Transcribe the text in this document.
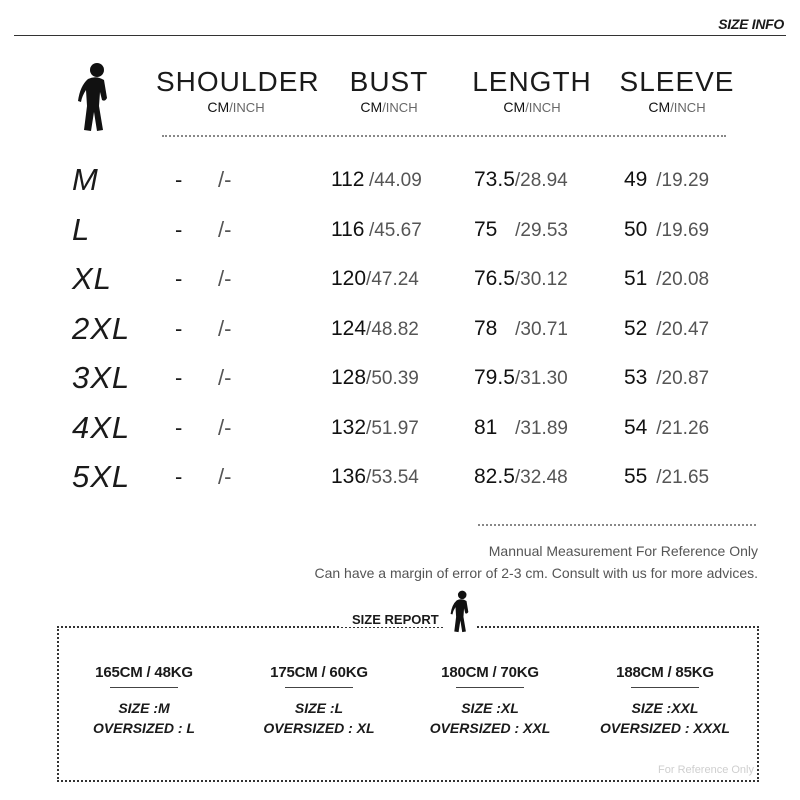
SIZE INFO
SHOULDER
CM/INCH
BUST
CM/INCH
LENGTH
CM/INCH
SLEEVE
CM/INCH
M	- /-	112 /44.09 73.5/28.94	49 /19.29
L	- /-	116 /45.67 75 /29.53	50 /19.69
XL	- /-	120/47.24	76.5/30.12	51 /20.08
2XL - /-	124/48.82	78 /30.71	52 /20.47
3XL - /-	128/50.39	79.5/31.30	53 /20.87
4XL - /-	132/51.97	81 /31.89	54 /21.26
5XL - /-	136/53.54	82.5/32.48	55 /21.65
Mannual Measurement For Reference Only
Can have a margin of error of 2-3 cm. Consult with us for more advices.
SIZE REPORT
165CM / 48KG
SIZE :M
OVERSIZED : L
175CM / 60KG
SIZE :L
OVERSIZED : XL
180CM / 70KG
SIZE :XL
OVERSIZED : XXL
188CM / 85KG
SIZE :XXL
OVERSIZED : XXXL
For Reference Only
